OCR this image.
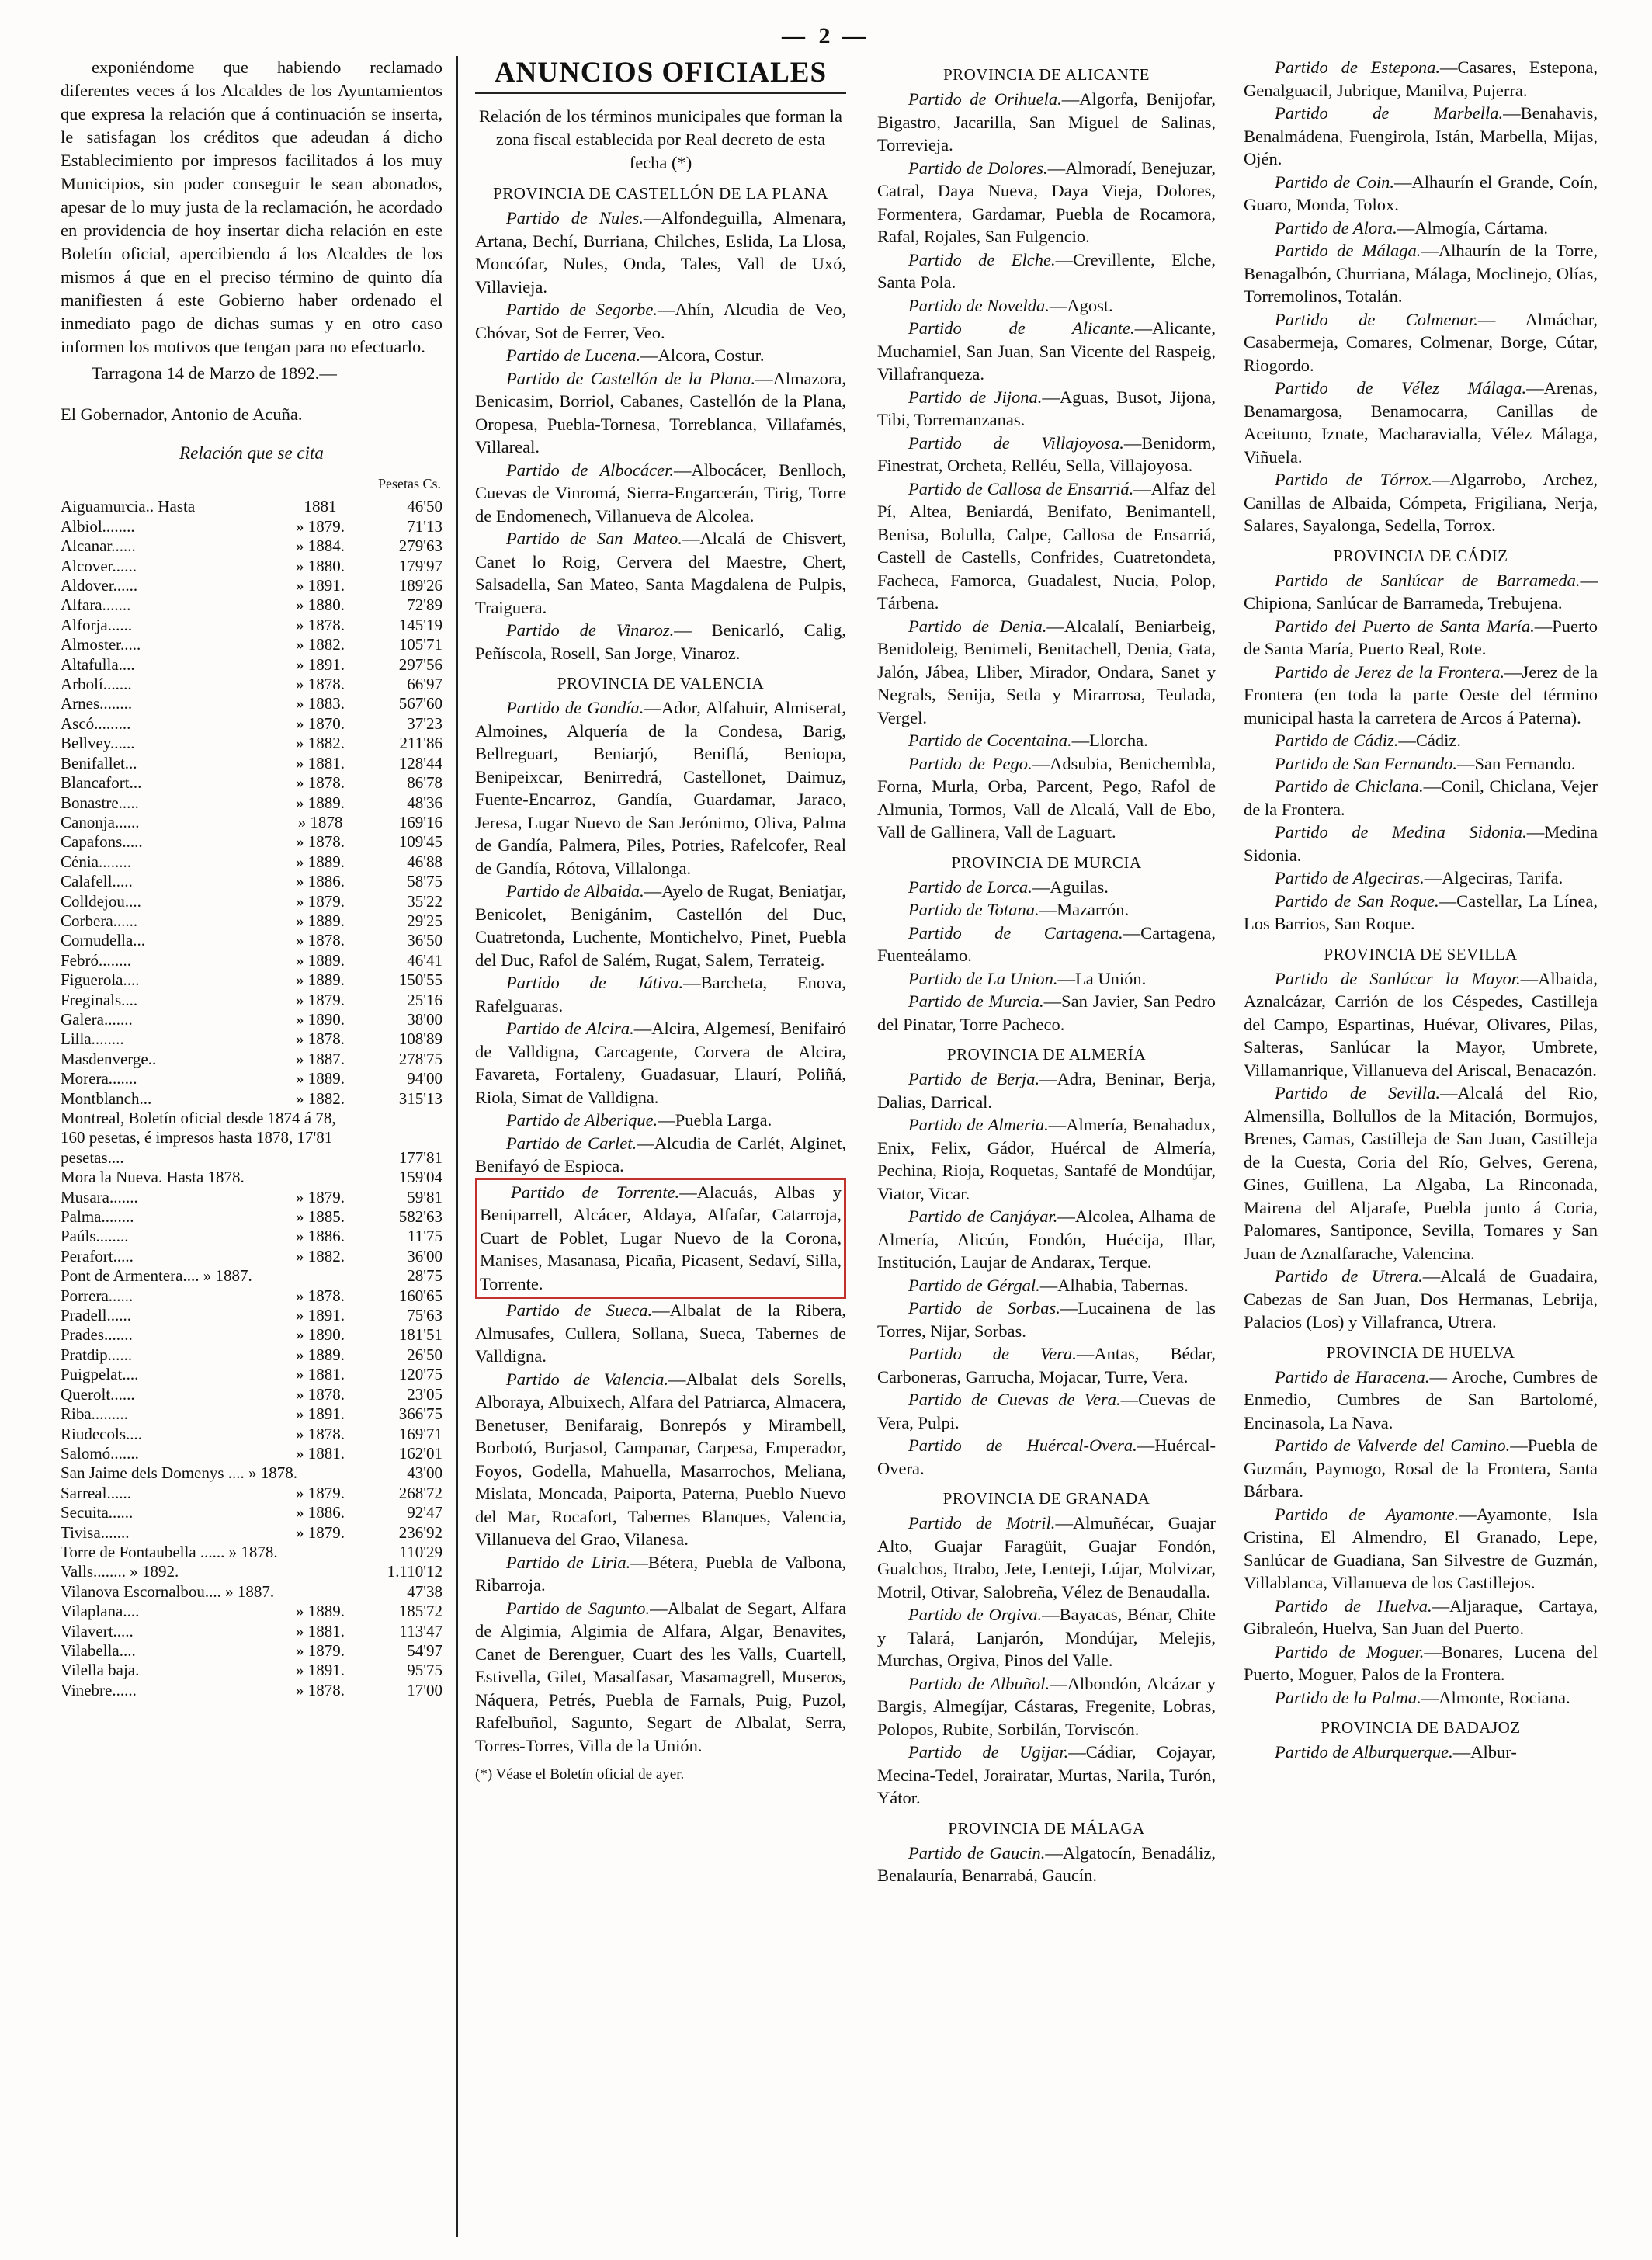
— 2 —

exponiéndome que habiendo reclamado diferentes veces á los Alcaldes de los Ayuntamientos que expresa la relación que á continuación se inserta, le satisfagan los créditos que adeudan á dicho Establecimiento por impresos facilitados á los muy Municipios, sin poder conseguir le sean abonados, apesar de lo muy justa de la reclamación, he acordado en providencia de hoy insertar dicha relación en este Boletín oficial, apercibiendo á los Alcaldes de los mismos á que en el preciso término de quinto día manifiesten á este Gobierno haber ordenado el inmediato pago de dichas sumas y en otro caso informen los motivos que tengan para no efectuarlo.

Tarragona 14 de Marzo de 1892.—

El Gobernador, Antonio de Acuña.

Relación que se cita
Pesetas Cs.
Aiguamurcia.. Hasta	1881	46'50
Albiol........	» 1879.	71'13
Alcanar......	» 1884.	279'63
Alcover......	» 1880.	179'97
Aldover......	» 1891.	189'26
Alfara.......	» 1880.	72'89
Alforja......	» 1878.	145'19
Almoster.....	» 1882.	105'71
Altafulla....	» 1891.	297'56
Arbolí.......	» 1878.	66'97
Arnes........	» 1883.	567'60
Ascó.........	» 1870.	37'23
Bellvey......	» 1882.	211'86
Benifallet...	» 1881.	128'44
Blancafort...	» 1878.	86'78
Bonastre.....	» 1889.	48'36
Canonja......	» 1878	169'16
Capafons.....	» 1878.	109'45
Cénia........	» 1889.	46'88
Calafell.....	» 1886.	58'75
Colldejou....	» 1879.	35'22
Corbera......	» 1889.	29'25
Cornudella...	» 1878.	36'50
Febró........	» 1889.	46'41
Figuerola....	» 1889.	150'55
Freginals....	» 1879.	25'16
Galera.......	» 1890.	38'00
Lilla........	» 1878.	108'89
Masdenverge..	» 1887.	278'75
Morera.......	» 1889.	94'00
Montblanch...	» 1882.	315'13
Montreal, Boletín oficial desde 1874 á 78, 160 pesetas, é impresos hasta 1878, 17'81 pesetas....		177'81
Mora la Nueva. Hasta 1878.		159'04
Musara.......	» 1879.	59'81
Palma........	» 1885.	582'63
Paúls........	» 1886.	11'75
Perafort.....	» 1882.	36'00
Pont de Armentera.... » 1887.		28'75
Porrera......	» 1878.	160'65
Pradell......	» 1891.	75'63
Prades.......	» 1890.	181'51
Pratdip......	» 1889.	26'50
Puigpelat....	» 1881.	120'75
Querolt......	» 1878.	23'05
Riba.........	» 1891.	366'75
Riudecols....	» 1878.	169'71
Salomó.......	» 1881.	162'01
San Jaime dels Domenys .... » 1878.		43'00
Sarreal......	» 1879.	268'72
Secuita......	» 1886.	92'47
Tivisa.......	» 1879.	236'92
Torre de Fontaubella ...... » 1878.		110'29
Valls........ » 1892.		1.110'12
Vilanova Escornalbou.... » 1887.		47'38
Vilaplana....	» 1889.	185'72
Vilavert.....	» 1881.	113'47
Vilabella....	» 1879.	54'97
Vilella baja.	» 1891.	95'75
Vinebre......	» 1878.	17'00
ANUNCIOS OFICIALES

Relación de los términos municipales que forman la zona fiscal establecida por Real decreto de esta fecha (*)

PROVINCIA DE CASTELLÓN DE LA PLANA

Partido de Nules.—Alfondeguilla, Almenara, Artana, Bechí, Burriana, Chilches, Eslida, La Llosa, Moncófar, Nules, Onda, Tales, Vall de Uxó, Villavieja.

Partido de Segorbe.—Ahín, Alcudia de Veo, Chóvar, Sot de Ferrer, Veo.

Partido de Lucena.—Alcora, Costur.

Partido de Castellón de la Plana.—Almazora, Benicasim, Borriol, Cabanes, Castellón de la Plana, Oropesa, Puebla-Tornesa, Torreblanca, Villafamés, Villareal.

Partido de Albocácer.—Albocácer, Benlloch, Cuevas de Vinromá, Sierra-Engarcerán, Tirig, Torre de Endomenech, Villanueva de Alcolea.

Partido de San Mateo.—Alcalá de Chisvert, Canet lo Roig, Cervera del Maestre, Chert, Salsadella, San Mateo, Santa Magdalena de Pulpis, Traiguera.

Partido de Vinaroz.— Benicarló, Calig, Peñíscola, Rosell, San Jorge, Vinaroz.

PROVINCIA DE VALENCIA

Partido de Gandía.—Ador, Alfahuir, Almiserat, Almoines, Alquería de la Condesa, Barig, Bellreguart, Beniarjó, Beniflá, Beniopa, Benipeixcar, Benirredrá, Castellonet, Daimuz, Fuente-Encarroz, Gandía, Guardamar, Jaraco, Jeresa, Lugar Nuevo de San Jerónimo, Oliva, Palma de Gandía, Palmera, Piles, Potries, Rafelcofer, Real de Gandía, Rótova, Villalonga.

Partido de Albaida.—Ayelo de Rugat, Beniatjar, Benicolet, Benigánim, Castellón del Duc, Cuatretonda, Luchente, Montichelvo, Pinet, Puebla del Duc, Rafol de Salém, Rugat, Salem, Terrateig.

Partido de Játiva.—Barcheta, Enova, Rafelguaras.

Partido de Alcira.—Alcira, Algemesí, Benifairó de Valldigna, Carcagente, Corvera de Alcira, Favareta, Fortaleny, Guadasuar, Llaurí, Poliñá, Riola, Simat de Valldigna.

Partido de Alberique.—Puebla Larga.

Partido de Carlet.—Alcudia de Carlét, Alginet, Benifayó de Espioca.

Partido de Torrente.—Alacuás, Albas y Beniparrell, Alcácer, Aldaya, Alfafar, Catarroja, Cuart de Poblet, Lugar Nuevo de la Corona, Manises, Masanasa, Picaña, Picasent, Sedaví, Silla, Torrente.

Partido de Sueca.—Albalat de la Ribera, Almusafes, Cullera, Sollana, Sueca, Tabernes de Valldigna.

Partido de Valencia.—Albalat dels Sorells, Alboraya, Albuixech, Alfara del Patriarca, Almacera, Benetuser, Benifaraig, Bonrepós y Mirambell, Borbotó, Burjasol, Campanar, Carpesa, Emperador, Foyos, Godella, Mahuella, Masarrochos, Meliana, Mislata, Moncada, Paiporta, Paterna, Pueblo Nuevo del Mar, Rocafort, Tabernes Blanques, Valencia, Villanueva del Grao, Vilanesa.

Partido de Liria.—Bétera, Puebla de Valbona, Ribarroja.

Partido de Sagunto.—Albalat de Segart, Alfara de Algimia, Algimia de Alfara, Algar, Benavites, Canet de Berenguer, Cuart des les Valls, Cuartell, Estivella, Gilet, Masalfasar, Masamagrell, Museros, Náquera, Petrés, Puebla de Farnals, Puig, Puzol, Rafelbuñol, Sagunto, Segart de Albalat, Serra, Torres-Torres, Villa de la Unión.

(*) Véase el Boletín oficial de ayer.

PROVINCIA DE ALICANTE

Partido de Orihuela.—Algorfa, Benijofar, Bigastro, Jacarilla, San Miguel de Salinas, Torrevieja.

Partido de Dolores.—Almoradí, Benejuzar, Catral, Daya Nueva, Daya Vieja, Dolores, Formentera, Gardamar, Puebla de Rocamora, Rafal, Rojales, San Fulgencio.

Partido de Elche.—Crevillente, Elche, Santa Pola.

Partido de Novelda.—Agost.

Partido de Alicante.—Alicante, Muchamiel, San Juan, San Vicente del Raspeig, Villafranqueza.

Partido de Jijona.—Aguas, Busot, Jijona, Tibi, Torremanzanas.

Partido de Villajoyosa.—Benidorm, Finestrat, Orcheta, Relléu, Sella, Villajoyosa.

Partido de Callosa de Ensarriá.—Alfaz del Pí, Altea, Beniardá, Benifato, Benimantell, Benisa, Bolulla, Calpe, Callosa de Ensarriá, Castell de Castells, Confrides, Cuatretondeta, Facheca, Famorca, Guadalest, Nucia, Polop, Tárbena.

Partido de Denia.—Alcalalí, Beniarbeig, Benidoleig, Benimeli, Benitachell, Denia, Gata, Jalón, Jábea, Lliber, Mirador, Ondara, Sanet y Negrals, Senija, Setla y Mirarrosa, Teulada, Vergel.

Partido de Cocentaina.—Llorcha.

Partido de Pego.—Adsubia, Benichembla, Forna, Murla, Orba, Parcent, Pego, Rafol de Almunia, Tormos, Vall de Alcalá, Vall de Ebo, Vall de Gallinera, Vall de Laguart.

PROVINCIA DE MURCIA

Partido de Lorca.—Aguilas.

Partido de Totana.—Mazarrón.

Partido de Cartagena.—Cartagena, Fuenteálamo.

Partido de La Union.—La Unión.

Partido de Murcia.—San Javier, San Pedro del Pinatar, Torre Pacheco.

PROVINCIA DE ALMERÍA

Partido de Berja.—Adra, Beninar, Berja, Dalias, Darrical.

Partido de Almeria.—Almería, Benahadux, Enix, Felix, Gádor, Huércal de Almería, Pechina, Rioja, Roquetas, Santafé de Mondújar, Viator, Vicar.

Partido de Canjáyar.—Alcolea, Alhama de Almería, Alicún, Fondón, Huécija, Illar, Institución, Laujar de Andarax, Terque.

Partido de Gérgal.—Alhabia, Tabernas.

Partido de Sorbas.—Lucainena de las Torres, Nijar, Sorbas.

Partido de Vera.—Antas, Bédar, Carboneras, Garrucha, Mojacar, Turre, Vera.

Partido de Cuevas de Vera.—Cuevas de Vera, Pulpi.

Partido de Huércal-Overa.—Huércal-Overa.

PROVINCIA DE GRANADA

Partido de Motril.—Almuñécar, Guajar Alto, Guajar Faragüit, Guajar Fondón, Gualchos, Itrabo, Jete, Lenteji, Lújar, Molvizar, Motril, Otivar, Salobreña, Vélez de Benaudalla.

Partido de Orgiva.—Bayacas, Bénar, Chite y Talará, Lanjarón, Mondújar, Melejis, Murchas, Orgiva, Pinos del Valle.

Partido de Albuñol.—Albondón, Alcázar y Bargis, Almegíjar, Cástaras, Fregenite, Lobras, Polopos, Rubite, Sorbilán, Torviscón.

Partido de Ugijar.—Cádiar, Cojayar, Mecina-Tedel, Jorairatar, Murtas, Narila, Turón, Yátor.

PROVINCIA DE MÁLAGA

Partido de Gaucin.—Algatocín, Benadáliz, Benalauría, Benarrabá, Gaucín.

Partido de Estepona.—Casares, Estepona, Genalguacil, Jubrique, Manilva, Pujerra.

Partido de Marbella.—Benahavis, Benalmádena, Fuengirola, Istán, Marbella, Mijas, Ojén.

Partido de Coin.—Alhaurín el Grande, Coín, Guaro, Monda, Tolox.

Partido de Alora.—Almogía, Cártama.

Partido de Málaga.—Alhaurín de la Torre, Benagalbón, Churriana, Málaga, Moclinejo, Olías, Torremolinos, Totalán.

Partido de Colmenar.— Almáchar, Casabermeja, Comares, Colmenar, Borge, Cútar, Riogordo.

Partido de Vélez Málaga.—Arenas, Benamargosa, Benamocarra, Canillas de Aceituno, Iznate, Macharavialla, Vélez Málaga, Viñuela.

Partido de Tórrox.—Algarrobo, Archez, Canillas de Albaida, Cómpeta, Frigiliana, Nerja, Salares, Sayalonga, Sedella, Torrox.

PROVINCIA DE CÁDIZ

Partido de Sanlúcar de Barrameda.—Chipiona, Sanlúcar de Barrameda, Trebujena.

Partido del Puerto de Santa María.—Puerto de Santa María, Puerto Real, Rote.

Partido de Jerez de la Frontera.—Jerez de la Frontera (en toda la parte Oeste del término municipal hasta la carretera de Arcos á Paterna).

Partido de Cádiz.—Cádiz.

Partido de San Fernando.—San Fernando.

Partido de Chiclana.—Conil, Chiclana, Vejer de la Frontera.

Partido de Medina Sidonia.—Medina Sidonia.

Partido de Algeciras.—Algeciras, Tarifa.

Partido de San Roque.—Castellar, La Línea, Los Barrios, San Roque.

PROVINCIA DE SEVILLA

Partido de Sanlúcar la Mayor.—Albaida, Aznalcázar, Carrión de los Céspedes, Castilleja del Campo, Espartinas, Huévar, Olivares, Pilas, Salteras, Sanlúcar la Mayor, Umbrete, Villamanrique, Villanueva del Ariscal, Benacazón.

Partido de Sevilla.—Alcalá del Rio, Almensilla, Bollullos de la Mitación, Bormujos, Brenes, Camas, Castilleja de San Juan, Castilleja de la Cuesta, Coria del Río, Gelves, Gerena, Gines, Guillena, La Algaba, La Rinconada, Mairena del Aljarafe, Puebla junto á Coria, Palomares, Santiponce, Sevilla, Tomares y San Juan de Aznalfarache, Valencina.

Partido de Utrera.—Alcalá de Guadaira, Cabezas de San Juan, Dos Hermanas, Lebrija, Palacios (Los) y Villafranca, Utrera.

PROVINCIA DE HUELVA

Partido de Haracena.— Aroche, Cumbres de Enmedio, Cumbres de San Bartolomé, Encinasola, La Nava.

Partido de Valverde del Camino.—Puebla de Guzmán, Paymogo, Rosal de la Frontera, Santa Bárbara.

Partido de Ayamonte.—Ayamonte, Isla Cristina, El Almendro, El Granado, Lepe, Sanlúcar de Guadiana, San Silvestre de Guzmán, Villablanca, Villanueva de los Castillejos.

Partido de Huelva.—Aljaraque, Cartaya, Gibraleón, Huelva, San Juan del Puerto.

Partido de Moguer.—Bonares, Lucena del Puerto, Moguer, Palos de la Frontera.

Partido de la Palma.—Almonte, Rociana.

PROVINCIA DE BADAJOZ

Partido de Alburquerque.—Albur-
